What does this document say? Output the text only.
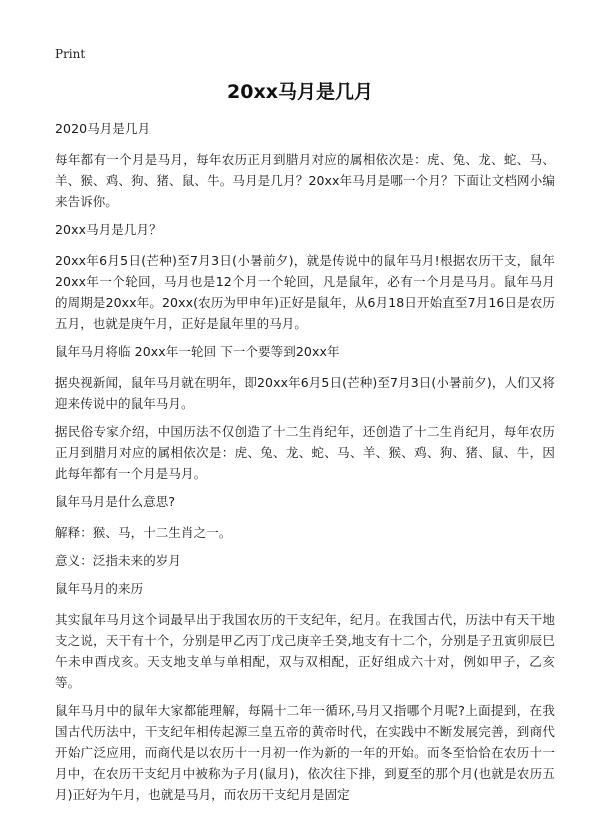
Print
20xx马月是几月

2020马月是几月

每年都有一个月是马月，每年农历正月到腊月对应的属相依次是：虎、兔、龙、蛇、马、羊、猴、鸡、狗、猪、鼠、牛。马月是几月？20xx年马月是哪一个月？下面让文档网小编来告诉你。

20xx马月是几月？

20xx年6月5日(芒种)至7月3日(小暑前夕)，就是传说中的鼠年马月!根据农历干支，鼠年20xx年一个轮回，马月也是12个月一个轮回，凡是鼠年，必有一个月是马月。鼠年马月的周期是20xx年。20xx(农历为甲申年)正好是鼠年，从6月18日开始直至7月16日是农历五月，也就是庚午月，正好是鼠年里的马月。

鼠年马月将临 20xx年一轮回 下一个要等到20xx年

据央视新闻，鼠年马月就在明年，即20xx年6月5日(芒种)至7月3日(小暑前夕)，人们又将迎来传说中的鼠年马月。

据民俗专家介绍，中国历法不仅创造了十二生肖纪年，还创造了十二生肖纪月，每年农历正月到腊月对应的属相依次是：虎、兔、龙、蛇、马、羊、猴、鸡、狗、猪、鼠、牛，因此每年都有一个月是马月。

鼠年马月是什么意思?

解释：猴、马，十二生肖之一。

意义：泛指未来的岁月

鼠年马月的来历

其实鼠年马月这个词最早出于我国农历的干支纪年，纪月。在我国古代，历法中有天干地支之说，天干有十个，分别是甲乙丙丁戊己庚辛壬癸,地支有十二个，分别是子丑寅卯辰巳午未申酉戌亥。天支地支单与单相配，双与双相配，正好组成六十对，例如甲子，乙亥等。

鼠年马月中的鼠年大家都能理解，每隔十二年一循环,马月又指哪个月呢?上面提到，在我国古代历法中，干支纪年相传起源三皇五帝的黄帝时代，在实践中不断发展完善，到商代开始广泛应用，而商代是以农历十一月初一作为新的一年的开始。而冬至恰恰在农历十一月中，在农历干支纪月中被称为子月(鼠月)，依次往下排，到夏至的那个月(也就是农历五月)正好为午月，也就是马月，而农历干支纪月是固定
